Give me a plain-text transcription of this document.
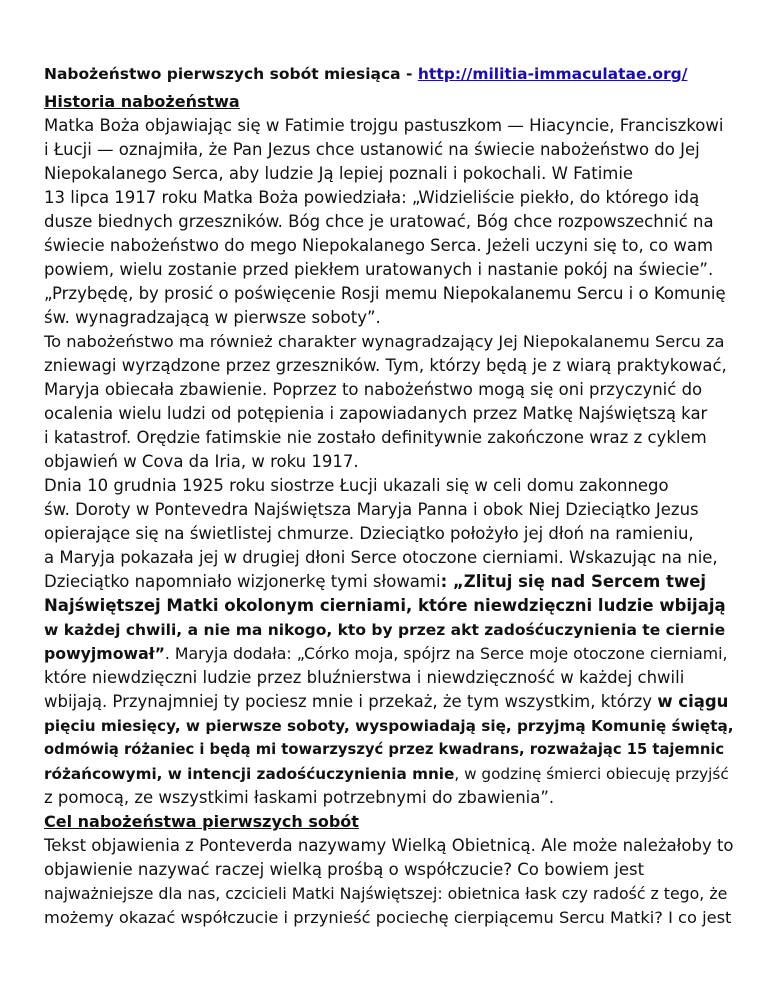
Nabożeństwo pierwszych sobót miesiąca - http://militia-immaculatae.org/
Historia nabożeństwa
Matka Boża objawiając się w Fatimie trojgu pastuszkom — Hiacyncie, Franciszkowi
i Łucji — oznajmiła, że Pan Jezus chce ustanowić na świecie nabożeństwo do Jej
Niepokalanego Serca, aby ludzie Ją lepiej poznali i pokochali. W Fatimie
13 lipca 1917 roku Matka Boża powiedziała: „Widzieliście piekło, do którego idą
dusze biednych grzeszników. Bóg chce je uratować, Bóg chce rozpowszechnić na
świecie nabożeństwo do mego Niepokalanego Serca. Jeżeli uczyni się to, co wam
powiem, wielu zostanie przed piekłem uratowanych i nastanie pokój na świecie”.
„Przybędę, by prosić o poświęcenie Rosji memu Niepokalanemu Sercu i o Komunię
św. wynagradzającą w pierwsze soboty”.
To nabożeństwo ma również charakter wynagradzający Jej Niepokalanemu Sercu za
zniewagi wyrządzone przez grzeszników. Tym, którzy będą je z wiarą praktykować,
Maryja obiecała zbawienie. Poprzez to nabożeństwo mogą się oni przyczynić do
ocalenia wielu ludzi od potępienia i zapowiadanych przez Matkę Najświętszą kar
i katastrof. Orędzie fatimskie nie zostało definitywnie zakończone wraz z cyklem
objawień w Cova da Iria, w roku 1917.
Dnia 10 grudnia 1925 roku siostrze Łucji ukazali się w celi domu zakonnego
św. Doroty w Pontevedra Najświętsza Maryja Panna i obok Niej Dzieciątko Jezus
opierające się na świetlistej chmurze. Dzieciątko położyło jej dłoń na ramieniu,
a Maryja pokazała jej w drugiej dłoni Serce otoczone cierniami. Wskazując na nie,
Dzieciątko napomniało wizjonerkę tymi słowami: „Zlituj się nad Sercem twej
Najświętszej Matki okolonym cierniami, które niewdzięczni ludzie wbijają
w każdej chwili, a nie ma nikogo, kto by przez akt zadośćuczynienia te ciernie
powyjmował”. Maryja dodała: „Córko moja, spójrz na Serce moje otoczone cierniami,
które niewdzięczni ludzie przez bluźnierstwa i niewdzięczność w każdej chwili
wbijają. Przynajmniej ty pociesz mnie i przekaż, że tym wszystkim, którzy w ciągu
pięciu miesięcy, w pierwsze soboty, wyspowiadają się, przyjmą Komunię świętą,
odmówią różaniec i będą mi towarzyszyć przez kwadrans, rozważając 15 tajemnic
różańcowymi, w intencji zadośćuczynienia mnie, w godzinę śmierci obiecuję przyjść
z pomocą, ze wszystkimi łaskami potrzebnymi do zbawienia”.
Cel nabożeństwa pierwszych sobót
Tekst objawienia z Ponteverda nazywamy Wielką Obietnicą. Ale może należałoby to
objawienie nazywać raczej wielką prośbą o współczucie? Co bowiem jest
najważniejsze dla nas, czcicieli Matki Najświętszej: obietnica łask czy radość z tego, że
możemy okazać współczucie i przynieść pociechę cierpiącemu Sercu Matki? I co jest
